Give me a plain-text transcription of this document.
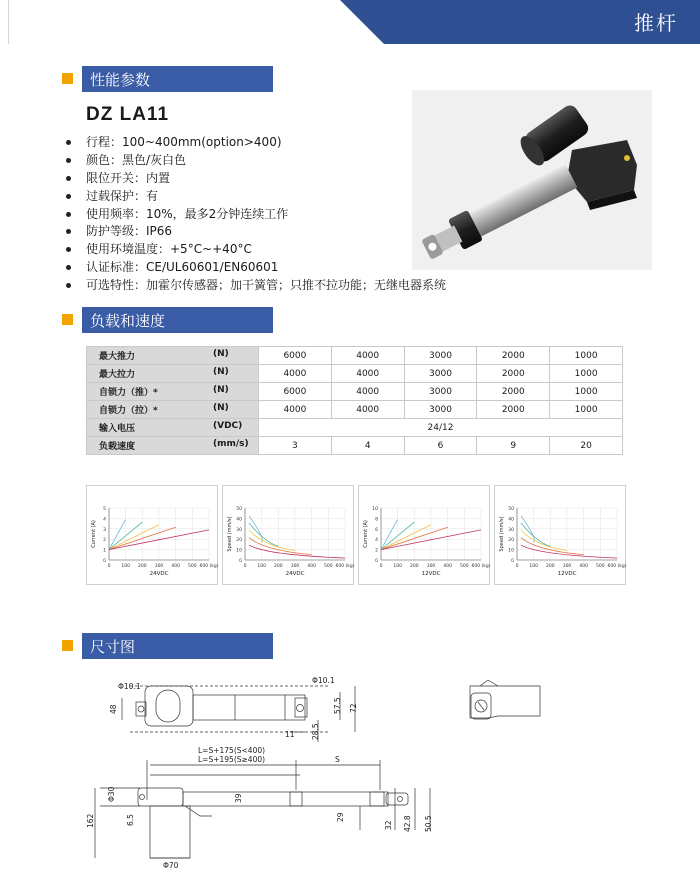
推杆
性能参数
DZ LA11
行程：100~400mm(option>400)
颜色：黑色/灰白色
限位开关：内置
过载保护：有
使用频率：10%，最多2分钟连续工作
防护等级：IP66
使用环境温度：+5°C~+40°C
认证标准：CE/UL60601/EN60601
可选特性：加霍尔传感器；加干簧管；只推不拉功能；无继电器系统
负载和速度
最大推力 (N)	6000	4000	3000	2000	1000
最大拉力 (N)	4000	4000	3000	2000	1000
自锁力（推）* (N)	6000	4000	3000	2000	1000
自锁力（拉）* (N)	4000	4000	3000	2000	1000
输入电压 (VDC)	24/12				
负载速度 (mm/s)	3	4	6	9	20
0
1
2
3
4
5
100 200 300 400 500 600 (kg)
0
Current (A)
24VDC
0
10
20
30
40
50
100 200 300 400 500 600 (kg)
0
Speed (mm/s)
24VDC
0
2
4
6
8
10
100 200 300 400 500 600 (kg)
0
Current (A)
12VDC
0
10
20
30
40
50
100 200 300 400 500 600 (kg)
0
Speed (mm/s)
12VDC
尺寸图
Φ10.1
Φ10.1
48	57.5 72
11 28.5
L=S+175(S<400)
L=S+195(S≥400)	S
Φ30
162	6.5
39
29
32 42.8 50.5
Φ70
